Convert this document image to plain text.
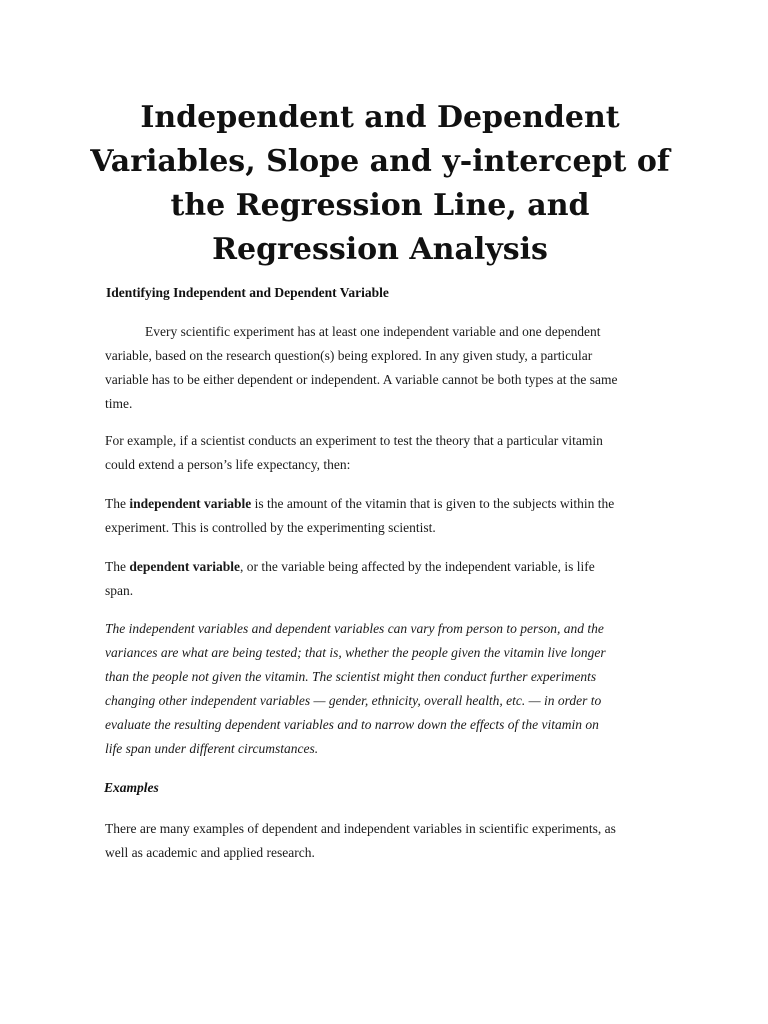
Independent and Dependent
Variables, Slope and y-intercept of
the Regression Line, and
Regression Analysis
Identifying Independent and Dependent Variable

Every scientific experiment has at least one independent variable and one dependent
variable, based on the research question(s) being explored. In any given study, a particular
variable has to be either dependent or independent. A variable cannot be both types at the same
time.

For example, if a scientist conducts an experiment to test the theory that a particular vitamin
could extend a person’s life expectancy, then:

The independent variable is the amount of the vitamin that is given to the subjects within the
experiment. This is controlled by the experimenting scientist.

The dependent variable, or the variable being affected by the independent variable, is life
span.

The independent variables and dependent variables can vary from person to person, and the
variances are what are being tested; that is, whether the people given the vitamin live longer
than the people not given the vitamin. The scientist might then conduct further experiments
changing other independent variables — gender, ethnicity, overall health, etc. — in order to
evaluate the resulting dependent variables and to narrow down the effects of the vitamin on
life span under different circumstances.

Examples

There are many examples of dependent and independent variables in scientific experiments, as
well as academic and applied research.
